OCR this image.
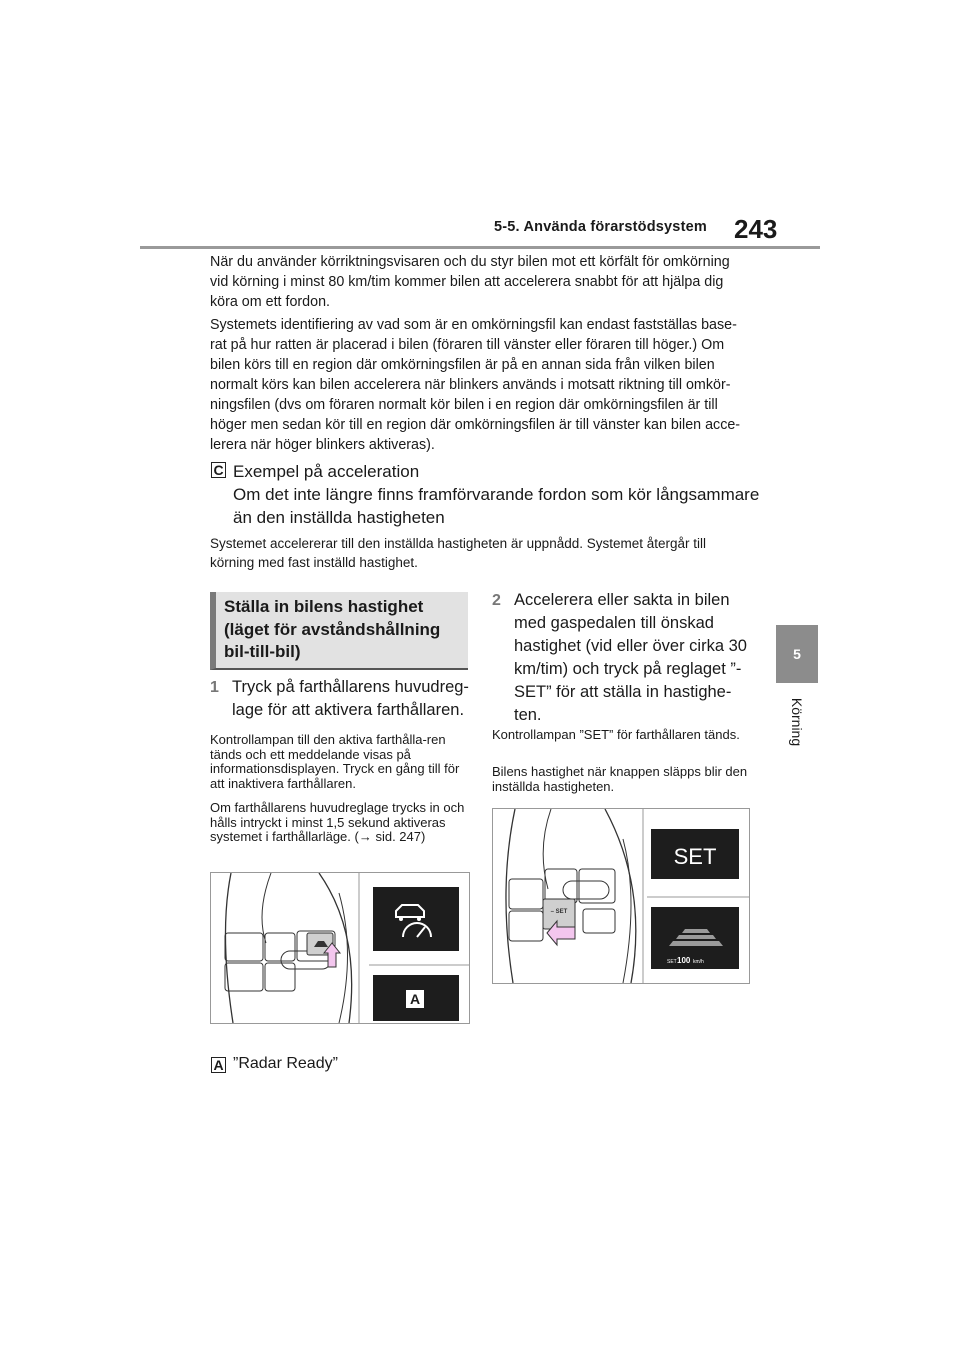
5-5. Använda förarstödsystem 243
5
Körning

När du använder körriktningsvisaren och du styr bilen mot ett körfält för omkörning vid körning i minst 80 km/tim kommer bilen att accelerera snabbt för att hjälpa dig köra om ett fordon.

Systemets identifiering av vad som är en omkörningsfil kan endast fastställas base-rat på hur ratten är placerad i bilen (föraren till vänster eller föraren till höger.) Om bilen körs till en region där omkörningsfilen är på en annan sida från vilken bilen normalt körs kan bilen accelerera när blinkers används i motsatt riktning till omkör-ningsfilen (dvs om föraren normalt kör bilen i en region där omkörningsfilen är till höger men sedan kör till en region där omkörningsfilen är till vänster kan bilen acce-lerera när höger blinkers aktiveras).

C Exempel på acceleration
Om det inte längre finns framförvarande fordon som kör långsammare än den inställda hastigheten

Systemet accelererar till den inställda hastigheten är uppnådd. Systemet återgår till körning med fast inställd hastighet.

Ställa in bilens hastighet (läget för avståndshållning bil-till-bil)
1 Tryck på farthållarens huvudreg-lage för att aktivera farthållaren.

Kontrollampan till den aktiva farthålla-ren tänds och ett meddelande visas på informationsdisplayen. Tryck en gång till för att inaktivera farthållaren.

Om farthållarens huvudreglage trycks in och hålls intryckt i minst 1,5 sekund aktiveras systemet i farthållarläge. (→ sid. 247)

A
A ”Radar Ready”
2 Accelerera eller sakta in bilen med gaspedalen till önskad hastighet (vid eller över cirka 30 km/tim) och tryck på reglaget ”-SET” för att ställa in hastighe-ten.

Kontrollampan ”SET” för farthållaren tänds.

Bilens hastighet när knappen släpps blir den inställda hastigheten.

– SET
SET
SET 100 km/h
